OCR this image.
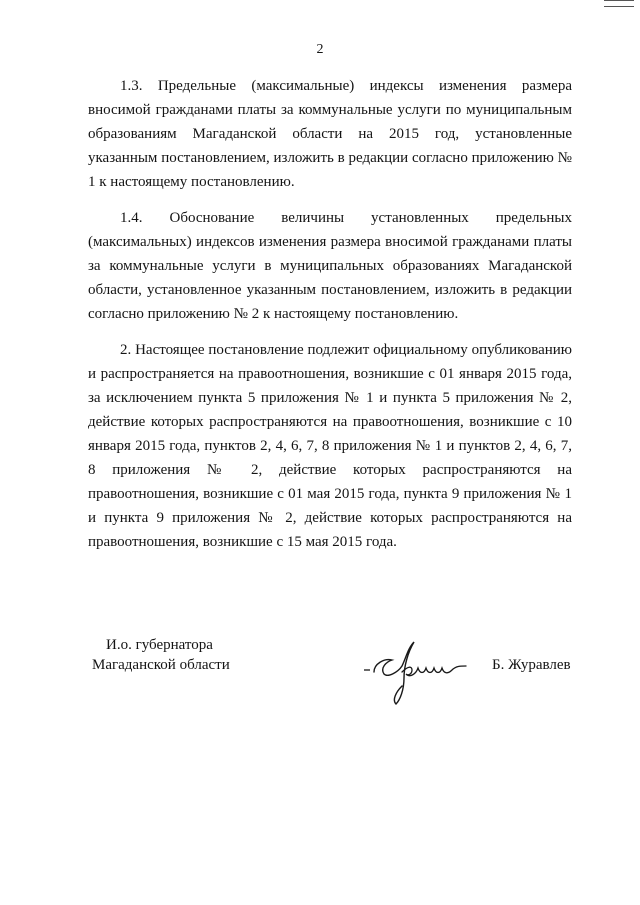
2

1.3. Предельные (максимальные) индексы изменения размера вносимой гражданами платы за коммунальные услуги по муниципальным образованиям Магаданской области на 2015 год, установленные указанным постановлением, изложить в редакции согласно приложению № 1 к настоящему постановлению.

1.4. Обоснование величины установленных предельных (максимальных) индексов изменения размера вносимой гражданами платы за коммунальные услуги в муниципальных образованиях Магаданской области, установленное указанным постановлением, изложить в редакции согласно приложению № 2 к настоящему постановлению.

2. Настоящее постановление подлежит официальному опубликованию и распространяется на правоотношения, возникшие с 01 января 2015 года, за исключением пункта 5 приложения № 1 и пункта 5 приложения № 2, действие которых распространяются на правоотношения, возникшие с 10 января 2015 года, пунктов 2, 4, 6, 7, 8 приложения № 1 и пунктов 2, 4, 6, 7, 8 приложения № 2, действие которых распространяются на правоотношения, возникшие с 01 мая 2015 года, пункта 9 приложения № 1 и пункта 9 приложения № 2, действие которых распространяются на правоотношения, возникшие с 15 мая 2015 года.

И.о. губернатора
Магаданской области	Б. Журавлев
